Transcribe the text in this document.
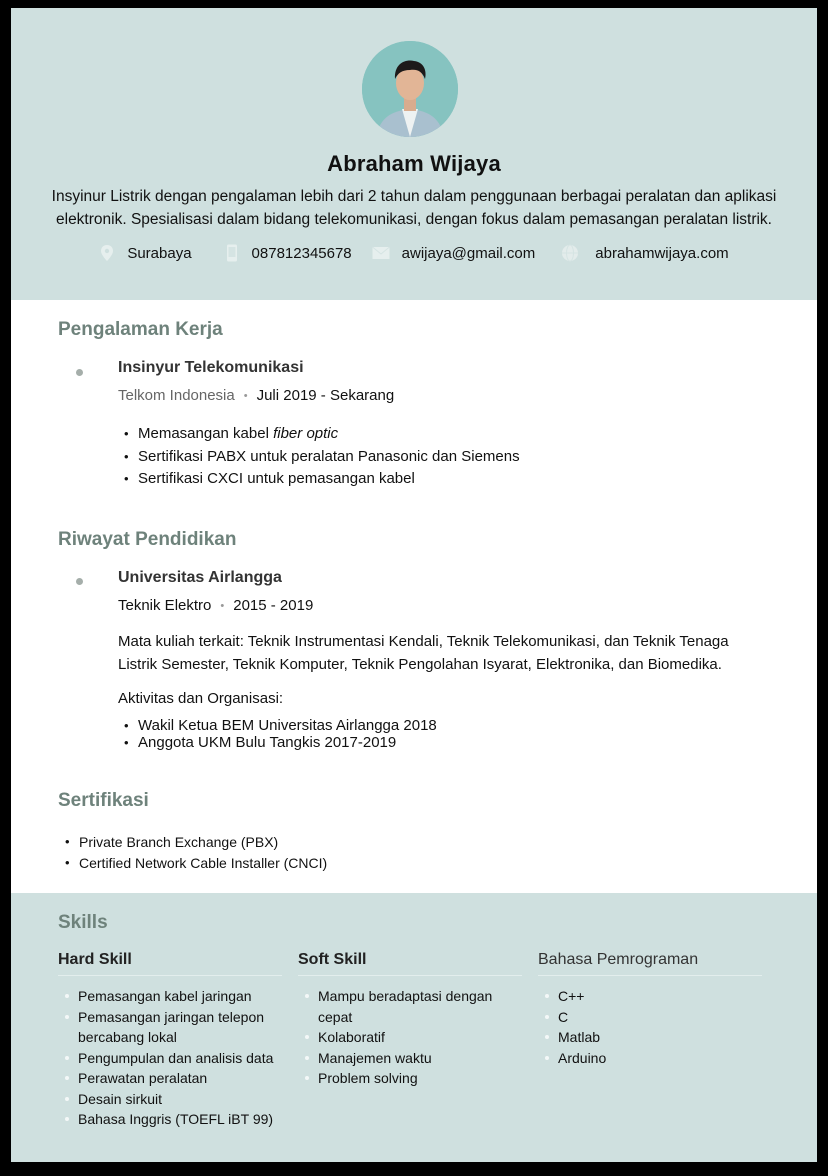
Abraham Wijaya
Insyinur Listrik dengan pengalaman lebih dari 2 tahun dalam penggunaan berbagai peralatan dan aplikasi elektronik. Spesialisasi dalam bidang telekomunikasi, dengan fokus dalam pemasangan peralatan listrik.
Surabaya	087812345678	awijaya@gmail.com	abrahamwijaya.com
Pengalaman Kerja
Insinyur Telekomunikasi
Telkom Indonesia • Juli 2019 - Sekarang
• Memasangan kabel fiber optic
• Sertifikasi PABX untuk peralatan Panasonic dan Siemens
• Sertifikasi CXCI untuk pemasangan kabel
Riwayat Pendidikan
Universitas Airlangga
Teknik Elektro • 2015 - 2019
Mata kuliah terkait: Teknik Instrumentasi Kendali, Teknik Telekomunikasi, dan Teknik Tenaga Listrik Semester, Teknik Komputer, Teknik Pengolahan Isyarat, Elektronika, dan Biomedika.
Aktivitas dan Organisasi:
• Wakil Ketua BEM Universitas Airlangga 2018
• Anggota UKM Bulu Tangkis 2017-2019
Sertifikasi
• Private Branch Exchange (PBX)
• Certified Network Cable Installer (CNCI)
Skills
Hard Skill
Pemasangan kabel jaringan
Pemasangan jaringan telepon bercabang lokal
Pengumpulan dan analisis data
Perawatan peralatan
Desain sirkuit
Bahasa Inggris (TOEFL iBT 99)
Soft Skill
Mampu beradaptasi dengan cepat
Kolaboratif
Manajemen waktu
Problem solving
Bahasa Pemrograman
C++
C
Matlab
Arduino
